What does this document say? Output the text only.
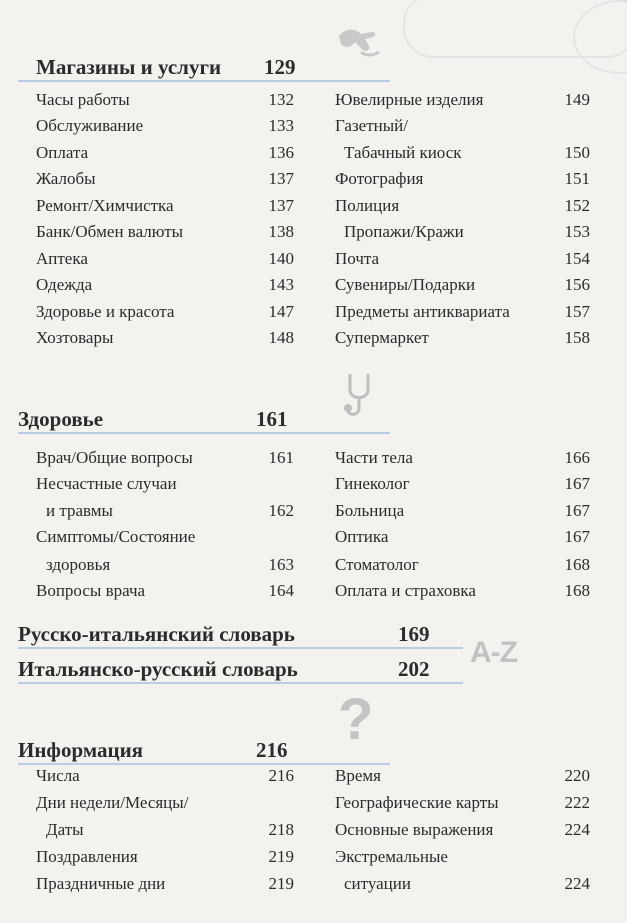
Магазины и услуги 129
Часы работы	132
Обслуживание	133
Оплата	136
Жалобы	137
Ремонт/Химчистка	137
Банк/Обмен валюты	138
Аптека	140
Одежда	143
Здоровье и красота	147
Хозтовары	148
Ювелирные изделия	149
Газетный/
Табачный киоск	150
Фотография	151
Полиция	152
Пропажи/Кражи	153
Почта	154
Сувениры/Подарки	156
Предметы антиквариата	157
Супермаркет	158
Здоровье	161
Врач/Общие вопросы	161
Несчастные случаи
и травмы	162
Симптомы/Состояние
здоровья	163
Вопросы врача	164
Части тела	166
Гинеколог	167
Больница	167
Оптика	167
Стоматолог	168
Оплата и страховка	168
Русско-итальянский словарь	169
Итальянско-русский словарь	202 A-Z
?
Информация	216
Числа	216
Дни недели/Месяцы/
Даты	218
Поздравления	219
Праздничные дни	219
Время	220
Географические карты	222
Основные выражения	224
Экстремальные
ситуации	224
